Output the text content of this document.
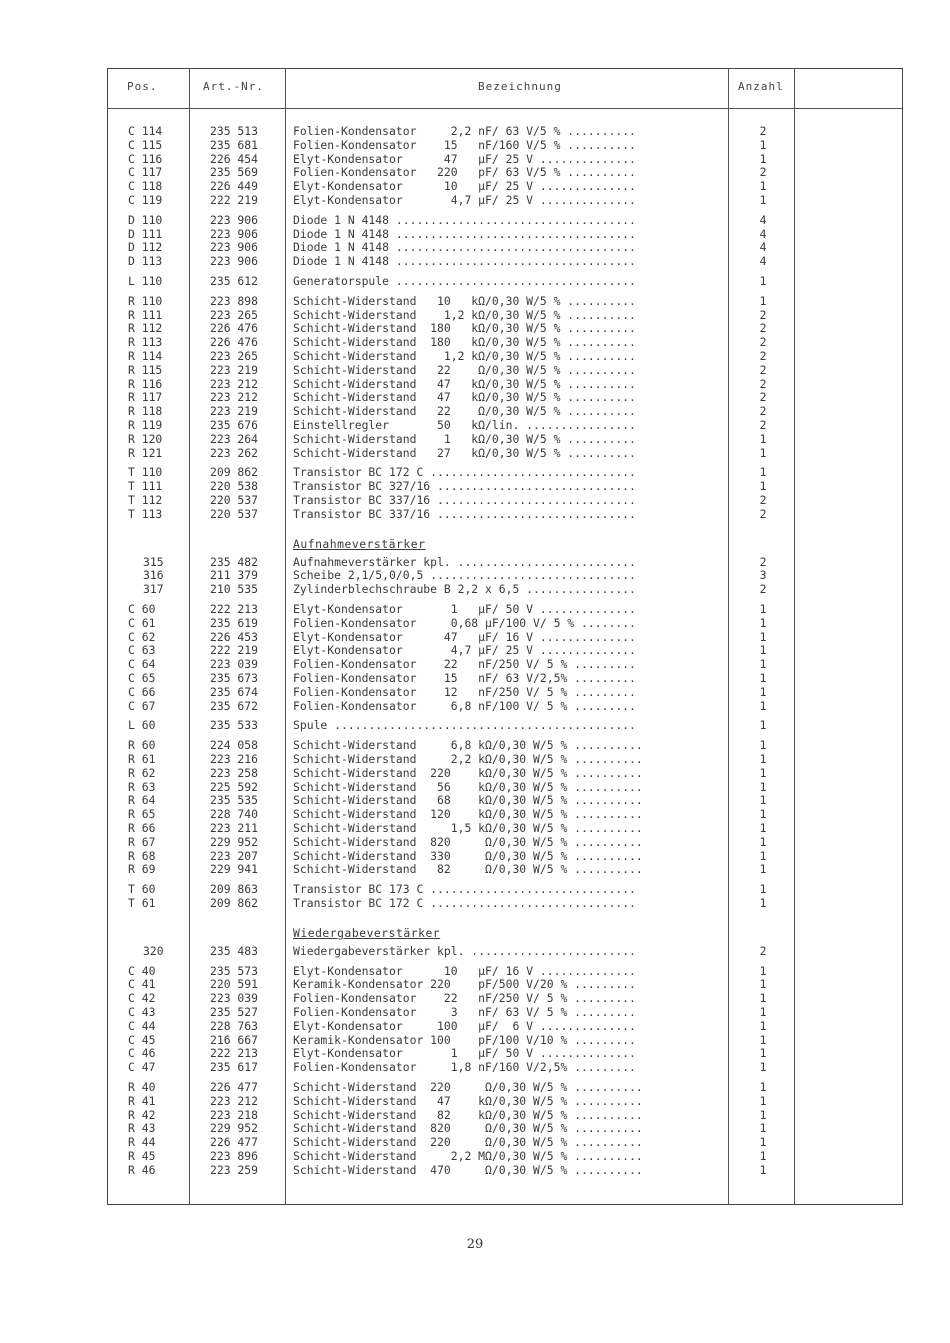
Pos.	Art.-Nr.	Bezeichnung	Anzahl
C 114	235 513	Folien-Kondensator     2,2 nF/ 63 V/5 % ..........	2
C 115	235 681	Folien-Kondensator    15   nF/160 V/5 % ..........	1
C 116	226 454	Elyt-Kondensator      47   µF/ 25 V ..............	1
C 117	235 569	Folien-Kondensator   220   pF/ 63 V/5 % ..........	2
C 118	226 449	Elyt-Kondensator      10   µF/ 25 V ..............	1
C 119	222 219	Elyt-Kondensator       4,7 µF/ 25 V ..............	1
D 110	223 906	Diode 1 N 4148 ...................................	4
D 111	223 906	Diode 1 N 4148 ...................................	4
D 112	223 906	Diode 1 N 4148 ...................................	4
D 113	223 906	Diode 1 N 4148 ...................................	4
L 110	235 612	Generatorspule ...................................	1
R 110	223 898	Schicht-Widerstand   10   kΩ/0,30 W/5 % ..........	1
R 111	223 265	Schicht-Widerstand    1,2 kΩ/0,30 W/5 % ..........	2
R 112	226 476	Schicht-Widerstand  180   kΩ/0,30 W/5 % ..........	2
R 113	226 476	Schicht-Widerstand  180   kΩ/0,30 W/5 % ..........	2
R 114	223 265	Schicht-Widerstand    1,2 kΩ/0,30 W/5 % ..........	2
R 115	223 219	Schicht-Widerstand   22    Ω/0,30 W/5 % ..........	2
R 116	223 212	Schicht-Widerstand   47   kΩ/0,30 W/5 % ..........	2
R 117	223 212	Schicht-Widerstand   47   kΩ/0,30 W/5 % ..........	2
R 118	223 219	Schicht-Widerstand   22    Ω/0,30 W/5 % ..........	2
R 119	235 676	Einstellregler       50   kΩ/lin. ................	2
R 120	223 264	Schicht-Widerstand    1   kΩ/0,30 W/5 % ..........	1
R 121	223 262	Schicht-Widerstand   27   kΩ/0,30 W/5 % ..........	1
T 110	209 862	Transistor BC 172 C ..............................	1
T 111	220 538	Transistor BC 327/16 .............................	1
T 112	220 537	Transistor BC 337/16 .............................	2
T 113	220 537	Transistor BC 337/16 .............................	2
Aufnahmeverstärker
315	235 482	Aufnahmeverstärker kpl. ..........................	2
316	211 379	Scheibe 2,1/5,0/0,5 ..............................	3
317	210 535	Zylinderblechschraube B 2,2 x 6,5 ................	2
C 60	222 213	Elyt-Kondensator       1   µF/ 50 V ..............	1
C 61	235 619	Folien-Kondensator     0,68 µF/100 V/ 5 % ........	1
C 62	226 453	Elyt-Kondensator      47   µF/ 16 V ..............	1
C 63	222 219	Elyt-Kondensator       4,7 µF/ 25 V ..............	1
C 64	223 039	Folien-Kondensator    22   nF/250 V/ 5 % .........	1
C 65	235 673	Folien-Kondensator    15   nF/ 63 V/2,5% .........	1
C 66	235 674	Folien-Kondensator    12   nF/250 V/ 5 % .........	1
C 67	235 672	Folien-Kondensator     6,8 nF/100 V/ 5 % .........	1
L 60	235 533	Spule ............................................	1
R 60	224 058	Schicht-Widerstand     6,8 kΩ/0,30 W/5 % ..........	1
R 61	223 216	Schicht-Widerstand     2,2 kΩ/0,30 W/5 % ..........	1
R 62	223 258	Schicht-Widerstand  220    kΩ/0,30 W/5 % ..........	1
R 63	225 592	Schicht-Widerstand   56    kΩ/0,30 W/5 % ..........	1
R 64	235 535	Schicht-Widerstand   68    kΩ/0,30 W/5 % ..........	1
R 65	228 740	Schicht-Widerstand  120    kΩ/0,30 W/5 % ..........	1
R 66	223 211	Schicht-Widerstand     1,5 kΩ/0,30 W/5 % ..........	1
R 67	229 952	Schicht-Widerstand  820     Ω/0,30 W/5 % ..........	1
R 68	223 207	Schicht-Widerstand  330     Ω/0,30 W/5 % ..........	1
R 69	229 941	Schicht-Widerstand   82     Ω/0,30 W/5 % ..........	1
T 60	209 863	Transistor BC 173 C ..............................	1
T 61	209 862	Transistor BC 172 C ..............................	1
Wiedergabeverstärker
320	235 483	Wiedergabeverstärker kpl. ........................	2
C 40	235 573	Elyt-Kondensator      10   µF/ 16 V ..............	1
C 41	220 591	Keramik-Kondensator 220    pF/500 V/20 % .........	1
C 42	223 039	Folien-Kondensator    22   nF/250 V/ 5 % .........	1
C 43	235 527	Folien-Kondensator     3   nF/ 63 V/ 5 % .........	1
C 44	228 763	Elyt-Kondensator     100   µF/  6 V ..............	1
C 45	216 667	Keramik-Kondensator 100    pF/100 V/10 % .........	1
C 46	222 213	Elyt-Kondensator       1   µF/ 50 V ..............	1
C 47	235 617	Folien-Kondensator     1,8 nF/160 V/2,5% .........	1
R 40	226 477	Schicht-Widerstand  220     Ω/0,30 W/5 % ..........	1
R 41	223 212	Schicht-Widerstand   47    kΩ/0,30 W/5 % ..........	1
R 42	223 218	Schicht-Widerstand   82    kΩ/0,30 W/5 % ..........	1
R 43	229 952	Schicht-Widerstand  820     Ω/0,30 W/5 % ..........	1
R 44	226 477	Schicht-Widerstand  220     Ω/0,30 W/5 % ..........	1
R 45	223 896	Schicht-Widerstand     2,2 MΩ/0,30 W/5 % ..........	1
R 46	223 259	Schicht-Widerstand  470     Ω/0,30 W/5 % ..........	1
29
